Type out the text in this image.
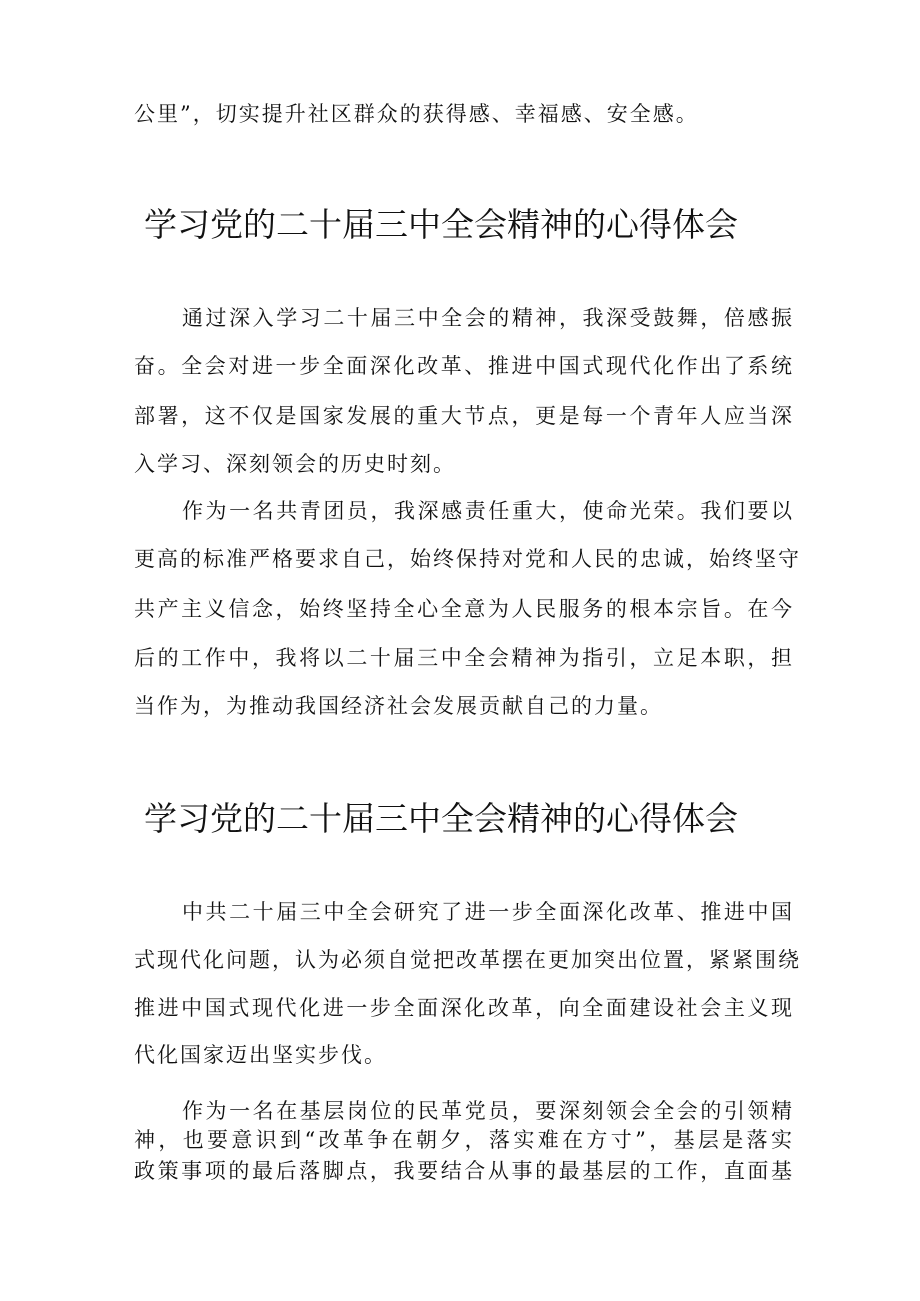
公里”，切实提升社区群众的获得感、幸福感、安全感。

学习党的二十届三中全会精神的心得体会

通过深入学习二十届三中全会的精神，我深受鼓舞，倍感振

奋。全会对进一步全面深化改革、推进中国式现代化作出了系统

部署，这不仅是国家发展的重大节点，更是每一个青年人应当深

入学习、深刻领会的历史时刻。

作为一名共青团员，我深感责任重大，使命光荣。我们要以

更高的标准严格要求自己，始终保持对党和人民的忠诚，始终坚守

共产主义信念，始终坚持全心全意为人民服务的根本宗旨。在今

后的工作中，我将以二十届三中全会精神为指引，立足本职，担

当作为，为推动我国经济社会发展贡献自己的力量。

学习党的二十届三中全会精神的心得体会

中共二十届三中全会研究了进一步全面深化改革、推进中国

式现代化问题，认为必须自觉把改革摆在更加突出位置，紧紧围绕

推进中国式现代化进一步全面深化改革，向全面建设社会主义现

代化国家迈出坚实步伐。

作为一名在基层岗位的民革党员，要深刻领会全会的引领精

神，也要意识到“改革争在朝夕，落实难在方寸”，基层是落实

政策事项的最后落脚点，我要结合从事的最基层的工作，直面基
